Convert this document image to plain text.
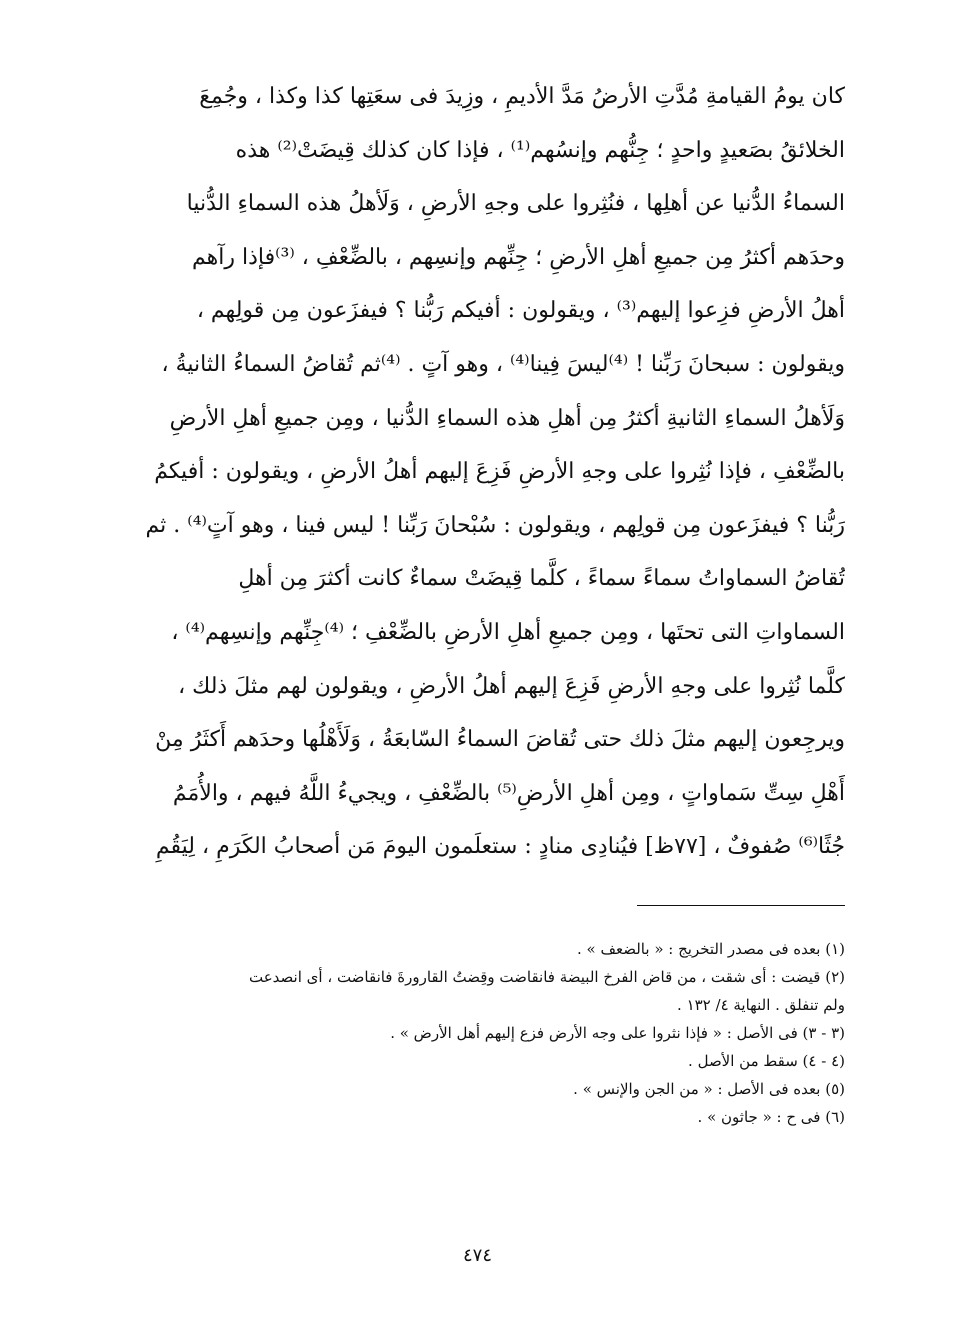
كان يومُ القيامةِ مُدَّتِ الأرضُ مَدَّ الأديمِ ، وزِيدَ فى سعَتِها كذا وكذا ، وجُمِعَ
الخلائقُ بصَعيدٍ واحدٍ ؛ جِنُّهم وإنسُهم⁽¹⁾ ، فإذا كان كذلك قِيضَتْ⁽²⁾ هذه
السماءُ الدُّنيا عن أهلِها ، فنُثِروا على وجهِ الأرضِ ، وَلَأهلُ هذه السماءِ الدُّنيا
وحدَهم أكثرُ مِن جميعِ أهلِ الأرضِ ؛ جِنِّهم وإنسِهم ، بالضِّعْفِ ، ⁽³⁾فإذا رآهم
أهلُ الأرضِ فزِعوا إليهم⁽³⁾ ، ويقولون : أفيكم رَبُّنا ؟ فيفزَعون مِن قولِهم ،
ويقولون : سبحانَ رَبِّنا ! ⁽⁴⁾ليسَ فِينا⁽⁴⁾ ، وهو آتٍ . ⁽⁴⁾ثم تُقاضُ السماءُ الثانيةُ ،
وَلَأهلُ السماءِ الثانيةِ أكثرُ مِن أهلِ هذه السماءِ الدُّنيا ، ومِن جميعِ أهلِ الأرضِ
بالضِّعْفِ ، فإذا نُثِروا على وجهِ الأرضِ فَزِعَ إليهم أهلُ الأرضِ ، ويقولون : أفيكمُ
رَبُّنا ؟ فيفزَعون مِن قولِهم ، ويقولون : سُبْحانَ رَبِّنا ! ليس فينا ، وهو آتٍ⁽⁴⁾ . ثم
تُقاضُ السماواتُ سماءً سماءً ، كلَّما قِيضَتْ سماءٌ كانت أكثرَ مِن أهلِ
السماواتِ التى تحتَها ، ومِن جميعِ أهلِ الأرضِ بالضِّعْفِ ؛ ⁽⁴⁾جِنِّهم وإنسِهم⁽⁴⁾ ،
كلَّما نُثِروا على وجهِ الأرضِ فَزِعَ إليهم أهلُ الأرضِ ، ويقولون لهم مثلَ ذلك ،
ويرجِعون إليهم مثلَ ذلك حتى تُقاضَ السماءُ السّابعَةُ ، وَلَأَهْلُها وحدَهم أَكثَرُ مِنْ
أَهْلِ سِتِّ سَماواتٍ ، ومِن أهلِ الأرضِ⁽⁵⁾ بالضِّعْفِ ، ويجيءُ اللَّهُ فيهم ، والأُمَمُ
جُثًا⁽⁶⁾ صُفوفٌ ، [٧٧ظ] فيُنادِى منادٍ : ستعلَمون اليومَ مَن أصحابُ الكَرَمِ ، لِيَقُمِ
(١) بعده فى مصدر التخريج : « بالضعف » .
(٢) قيضت : أى شقت ، من قاض الفرخ البيضة فانقاضت وقِضتُ القارورةَ فانقاضت ، أى انصدعت
ولم تنفلق . النهاية ٤/ ١٣٢ .
(٣ - ٣) فى الأصل : « فإذا نثروا على وجه الأرض فزع إليهم أهل الأرض » .
(٤ - ٤) سقط من الأصل .
(٥) بعده فى الأصل : « من الجن والإنس » .
(٦) فى ح : « جاثون » .
٤٧٤
